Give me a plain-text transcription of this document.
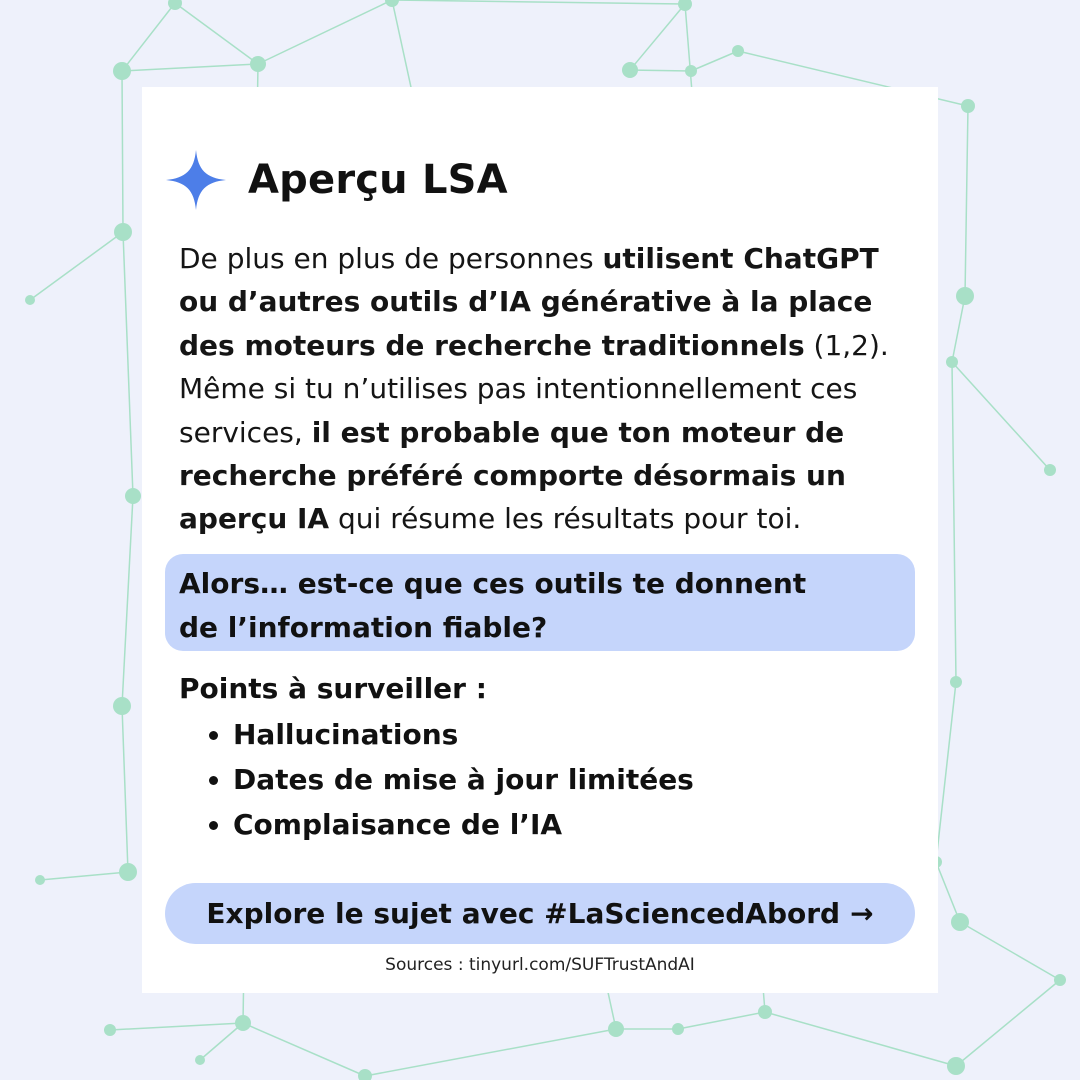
Aperçu LSA
De plus en plus de personnes utilisent ChatGPT ou d’autres outils d’IA générative à la place des moteurs de recherche traditionnels (1,2). Même si tu n’utilises pas intentionnellement ces services, il est probable que ton moteur de recherche préféré comporte désormais un aperçu IA qui résume les résultats pour toi.
Alors… est-ce que ces outils te donnent
de l’information fiable?
Points à surveiller :
• Hallucinations
• Dates de mise à jour limitées
• Complaisance de l’IA
Explore le sujet avec #LaSciencedAbord →
Sources : tinyurl.com/SUFTrustAndAI
